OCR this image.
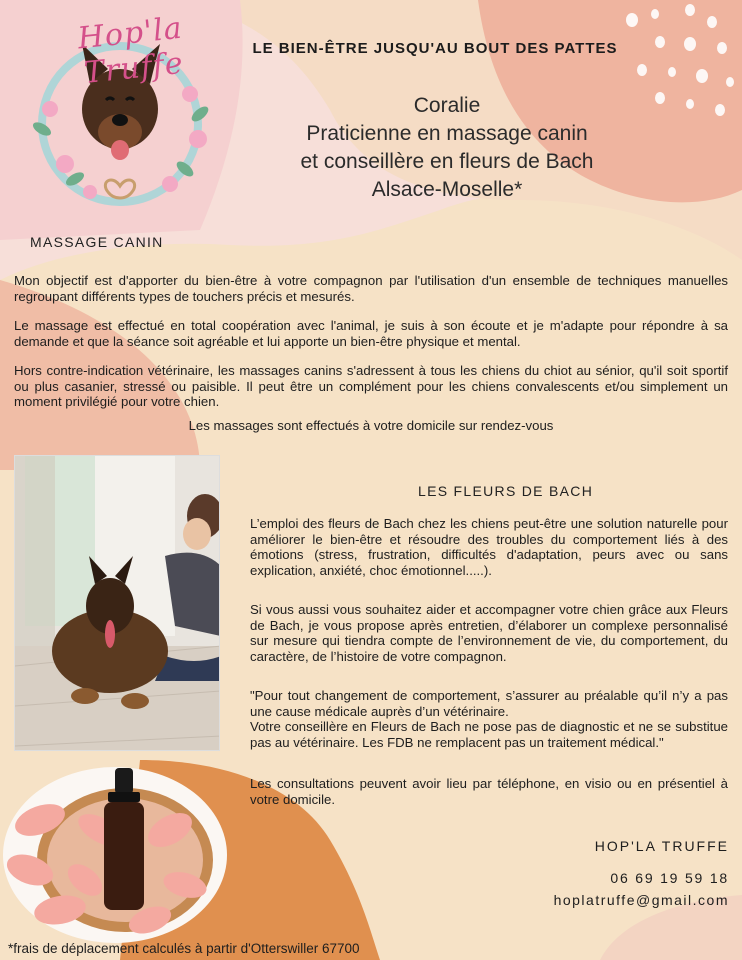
Hop'la Truffe	LE BIEN-ÊTRE JUSQU'AU BOUT DES PATTES
Coralie
Praticienne en massage canin
et conseillère en fleurs de Bach
Alsace-Moselle*
MASSAGE CANIN

Mon objectif est d'apporter du bien-être à votre compagnon par l'utilisation d'un ensemble de techniques manuelles regroupant différents types de touchers précis et mesurés.

Le massage est effectué en total coopération avec l'animal, je suis à son écoute et je m'adapte pour répondre à sa demande et que la séance soit agréable et lui apporte un bien-être physique et mental.

Hors contre-indication vétérinaire, les massages canins s'adressent à tous les chiens du chiot au sénior, qu'il soit sportif ou plus casanier, stressé ou paisible. Il peut être un complément pour les chiens convalescents et/ou simplement un moment privilégié pour votre chien.

Les massages sont effectués à votre domicile sur rendez-vous

LES FLEURS DE BACH

L’emploi des fleurs de Bach chez les chiens peut-être une solution naturelle pour améliorer le bien-être et résoudre des troubles du comportement liés à des émotions (stress, frustration, difficultés d'adaptation, peurs avec ou sans explication, anxiété, choc émotionnel.....).

Si vous aussi vous souhaitez aider et accompagner votre chien grâce aux Fleurs de Bach, je vous propose après entretien, d’élaborer un complexe personnalisé sur mesure qui tiendra compte de l’environnement de vie, du comportement, du caractère, de l’histoire de votre compagnon.

"Pour tout changement de comportement, s’assurer au préalable qu’il n’y a pas une cause médicale auprès d’un vétérinaire.
Votre conseillère en Fleurs de Bach ne pose pas de diagnostic et ne se substitue pas au vétérinaire. Les FDB ne remplacent pas un traitement médical."

Les consultations peuvent avoir lieu par téléphone, en visio ou en présentiel à votre domicile.

HOP'LA TRUFFE
06 69 19 59 18
hoplatruffe@gmail.com
*frais de déplacement calculés à partir d'Otterswiller 67700
